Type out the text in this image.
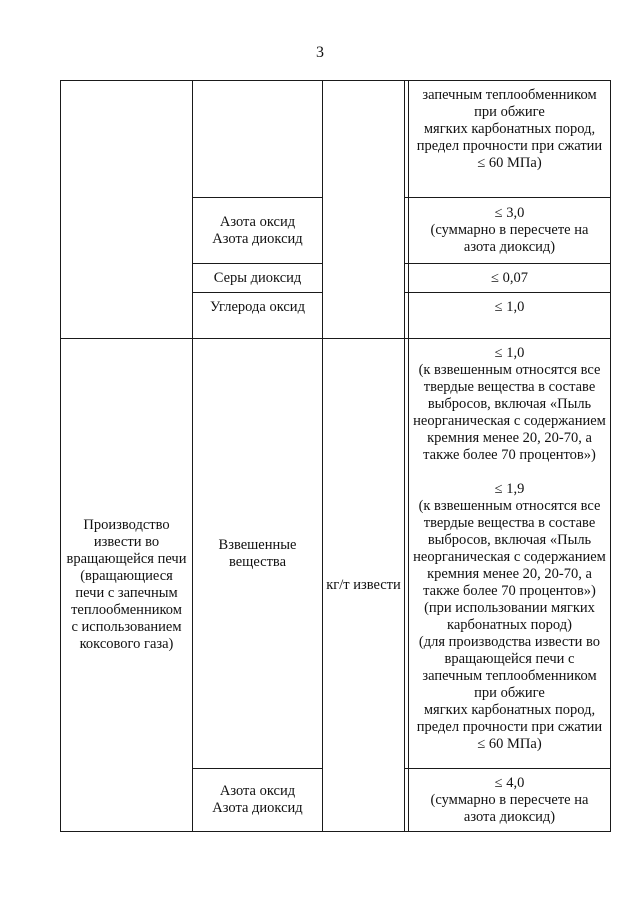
3
запечным теплообменником
при обжиге
мягких карбонатных пород,
предел прочности при сжатии
≤ 60 МПа)
Азота оксид
Азота диоксид
≤ 3,0
(суммарно в пересчете на
азота диоксид)
Серы диоксид	≤ 0,07
Углерода оксид	≤ 1,0
Производство
извести во
вращающейся печи
(вращающиеся
печи с запечным
теплообменником
с использованием
коксового газа)
Взвешенные
вещества
кг/т извести
≤ 1,0
(к взвешенным относятся все
твердые вещества в составе
выбросов, включая «Пыль
неорганическая с содержанием
кремния менее 20, 20-70, а
также более 70 процентов»)
≤ 1,9
(к взвешенным относятся все
твердые вещества в составе
выбросов, включая «Пыль
неорганическая с содержанием
кремния менее 20, 20-70, а
также более 70 процентов»)
(при использовании мягких
карбонатных пород)
(для производства извести во
вращающейся печи с
запечным теплообменником
при обжиге
мягких карбонатных пород,
предел прочности при сжатии
≤ 60 МПа)
Азота оксид
Азота диоксид
≤ 4,0
(суммарно в пересчете на
азота диоксид)
